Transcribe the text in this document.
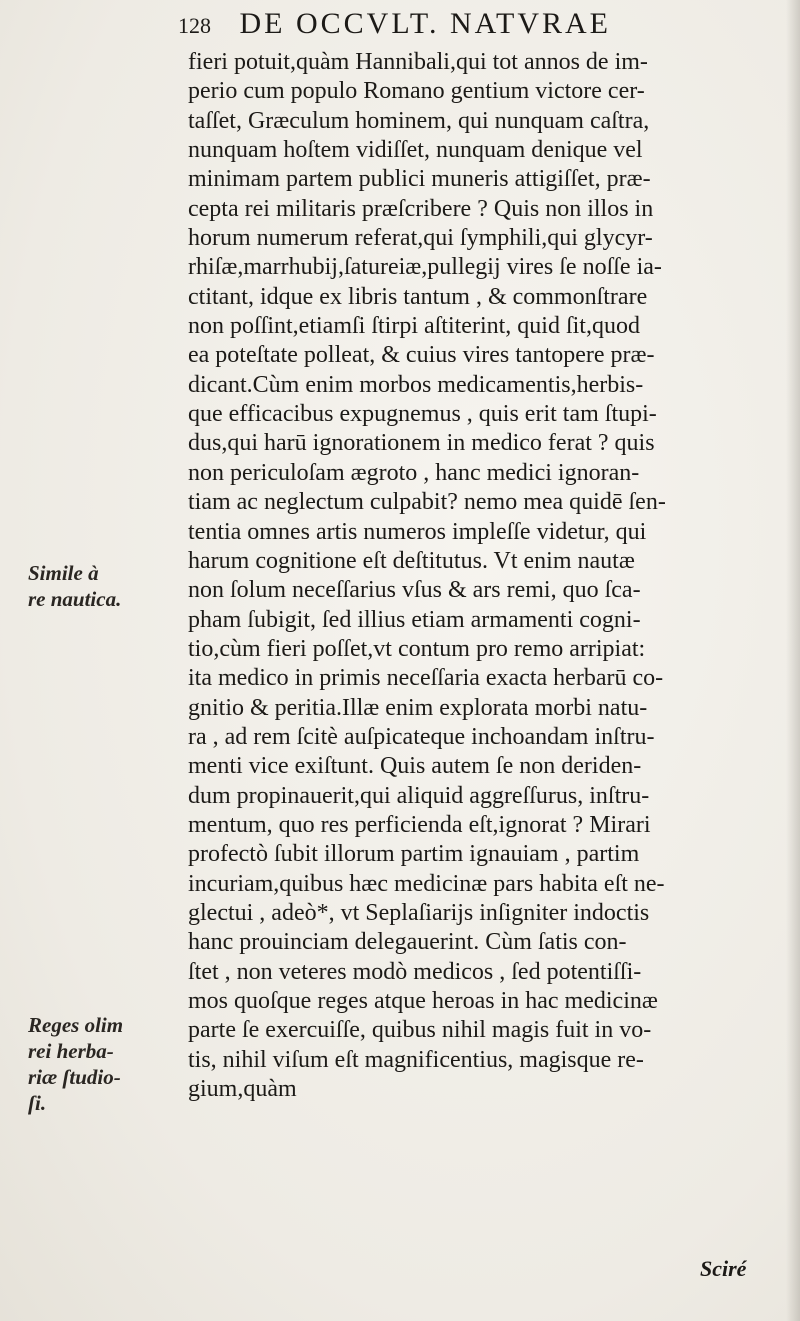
128 DE OCCVLT. NATVRAE
fieri potuit,quàm Hannibali,qui tot annos de im-
perio cum populo Romano gentium victore cer-
taſſet, Græculum hominem, qui nunquam caſtra,
nunquam hoſtem vidiſſet, nunquam denique vel
minimam partem publici muneris attigiſſet, præ-
cepta rei militaris præſcribere ? Quis non illos in
horum numerum referat,qui ſymphili,qui glycyr-
rhiſæ,marrhubij,ſatureiæ,pullegij vires ſe noſſe ia-
ctitant, idque ex libris tantum , & commonſtrare
non poſſint,etiamſi ſtirpi aſtiterint, quid ſit,quod
ea poteſtate polleat, & cuius vires tantopere præ-
dicant.Cùm enim morbos medicamentis,herbis-
que efficacibus expugnemus , quis erit tam ſtupi-
dus,qui harū ignorationem in medico ferat ? quis
non periculoſam ægroto , hanc medici ignoran-
tiam ac neglectum culpabit? nemo mea quidē ſen-
tentia omnes artis numeros impleſſe videtur, qui
harum cognitione eſt deſtitutus. Vt enim nautæ
non ſolum neceſſarius vſus & ars remi, quo ſca-
pham ſubigit, ſed illius etiam armamenti cogni-
tio,cùm fieri poſſet,vt contum pro remo arripiat:
ita medico in primis neceſſaria exacta herbarū co-
gnitio & peritia.Illæ enim explorata morbi natu-
ra , ad rem ſcitè auſpicateque inchoandam inſtru-
menti vice exiſtunt. Quis autem ſe non deriden-
dum propinauerit,qui aliquid aggreſſurus, inſtru-
mentum, quo res perficienda eſt,ignorat ? Mirari
profectò ſubit illorum partim ignauiam , partim
incuriam,quibus hæc medicinæ pars habita eſt ne-
glectui , adeò*, vt Seplaſiarijs inſigniter indoctis
hanc prouinciam delegauerint. Cùm ſatis con-
ſtet , non veteres modò medicos , ſed potentiſſi-
mos quoſque reges atque heroas in hac medicinæ
parte ſe exercuiſſe, quibus nihil magis fuit in vo-
tis, nihil viſum eſt magnificentius, magisque re-
gium,quàm
Simile à
re nautica.
Reges olim
rei herba-
riæ ſtudio-
ſi.
Sciré
